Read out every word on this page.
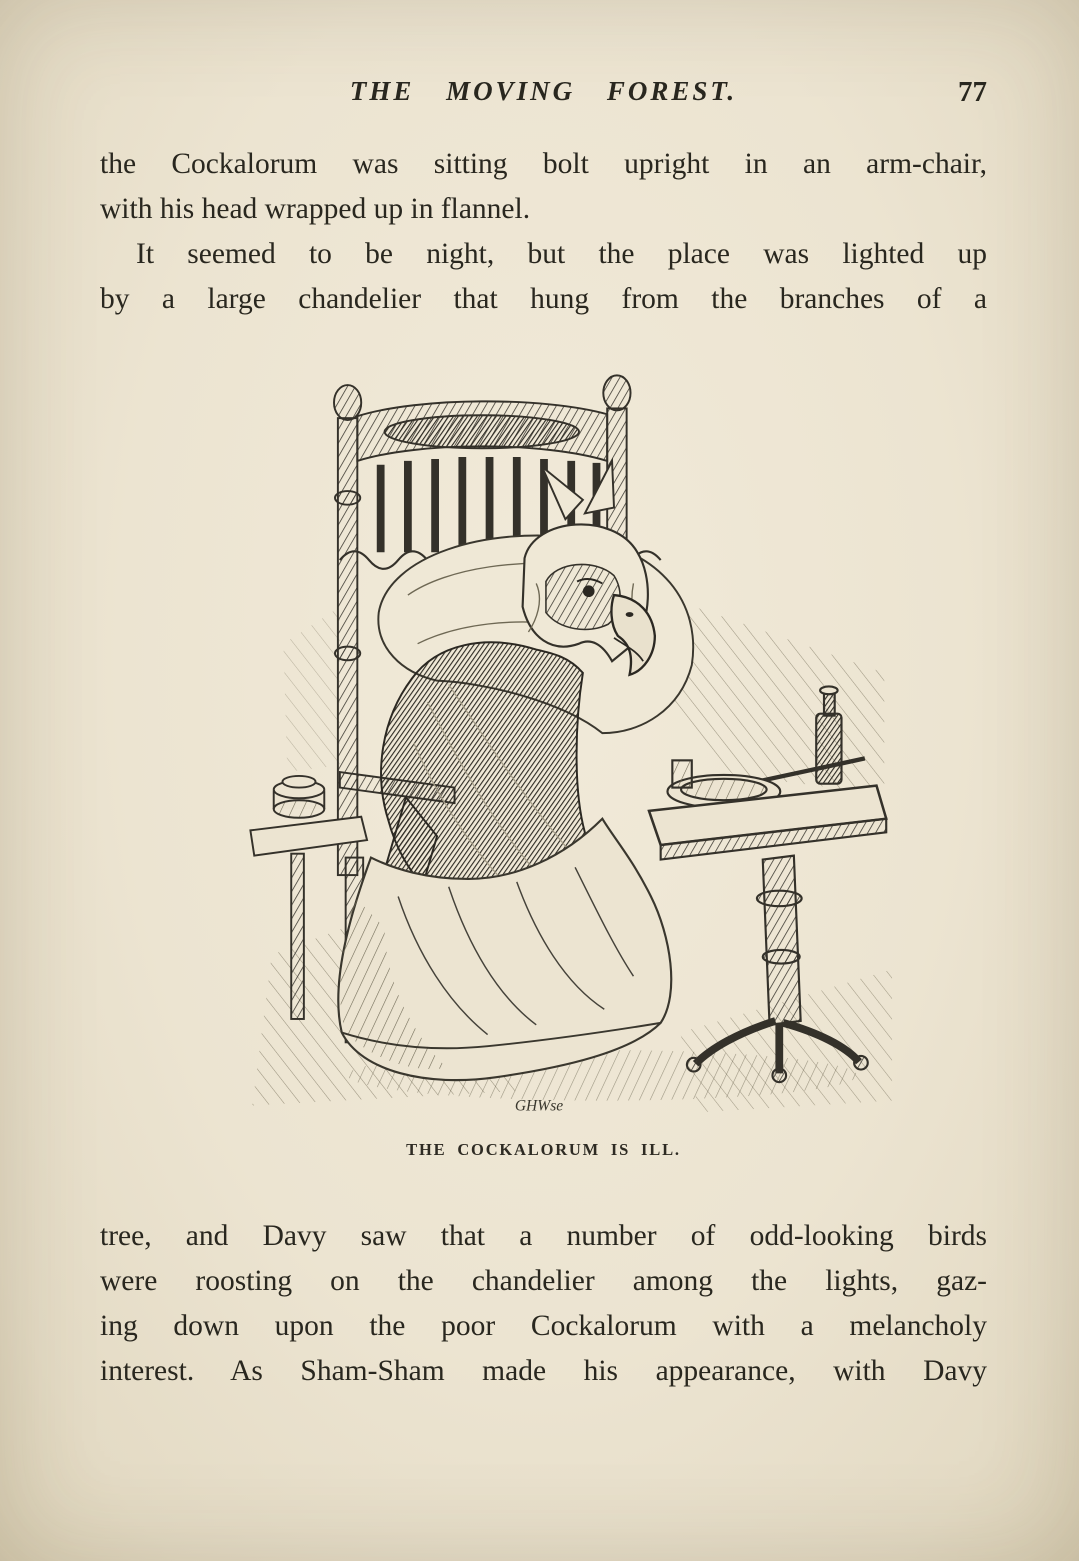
THE MOVING FOREST.	77
the Cockalorum was sitting bolt upright in an arm-chair,
with his head wrapped up in flannel.
It seemed to be night, but the place was lighted up
by a large chandelier that hung from the branches of a
GHWse
THE COCKALORUM IS ILL.
tree, and Davy saw that a number of odd-looking birds
were roosting on the chandelier among the lights, gaz-
ing down upon the poor Cockalorum with a melancholy
interest. As Sham-Sham made his appearance, with Davy
